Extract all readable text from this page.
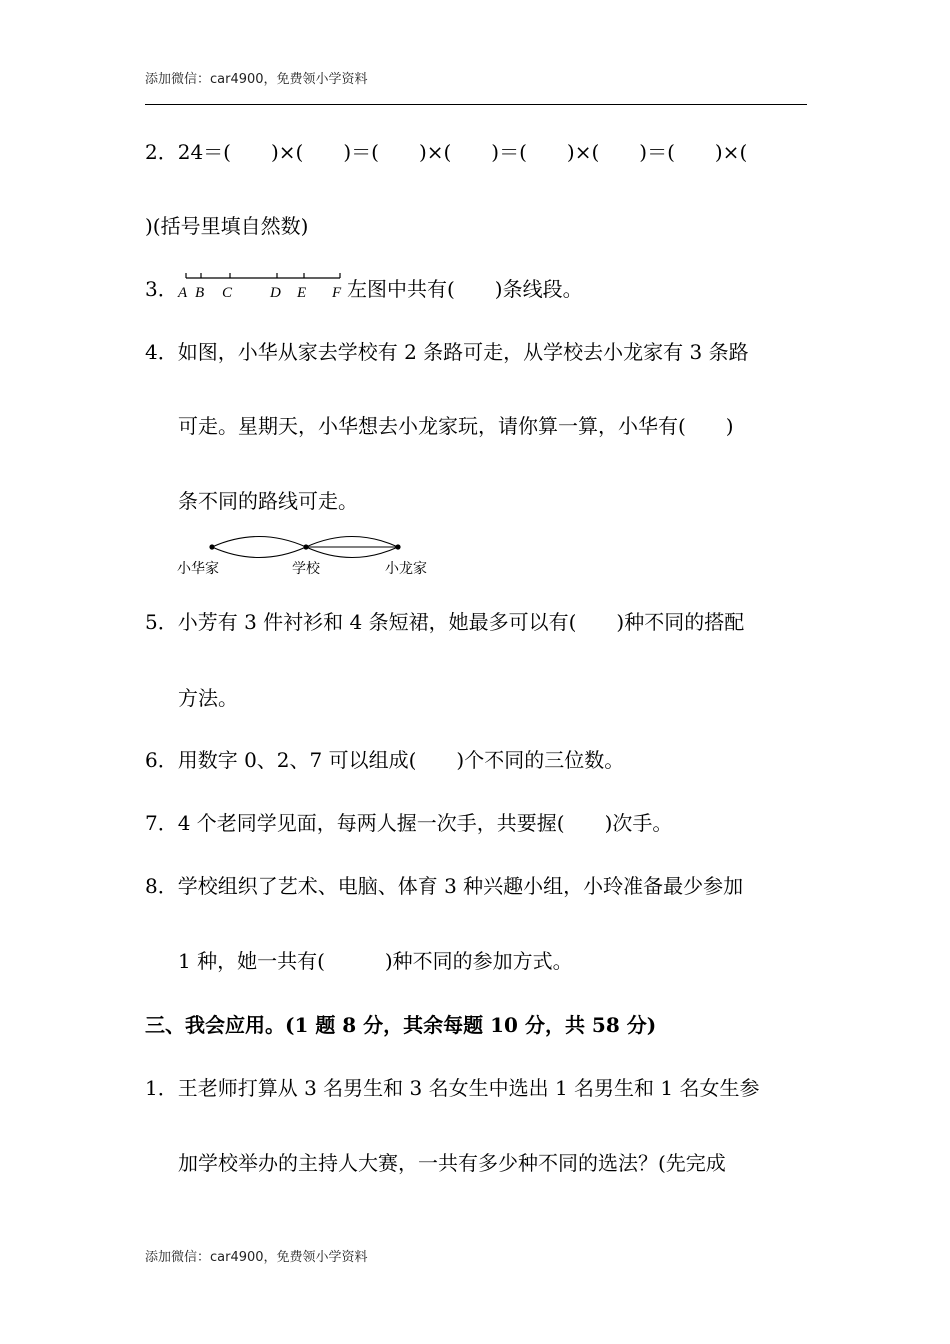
添加微信：car4900，免费领小学资料
2．24＝(　　)×(　　)＝(　　)×(　　)＝(　　)×(　　)＝(　　)×(
)(括号里填自然数)
3． A B C	D E F 左图中共有(　　)条线段。
4．如图，小华从家去学校有 2 条路可走，从学校去小龙家有 3 条路
可走。星期天，小华想去小龙家玩，请你算一算，小华有(　　)
条不同的路线可走。
小华家	学校	小龙家
5．小芳有 3 件衬衫和 4 条短裙，她最多可以有(　　)种不同的搭配
方法。
6．用数字 0、2、7 可以组成(　　)个不同的三位数。
7．4 个老同学见面，每两人握一次手，共要握(　　)次手。
8．学校组织了艺术、电脑、体育 3 种兴趣小组，小玲准备最少参加
1 种，她一共有(　　　)种不同的参加方式。
三、我会应用。(1 题 8 分，其余每题 10 分，共 58 分)
1．王老师打算从 3 名男生和 3 名女生中选出 1 名男生和 1 名女生参
加学校举办的主持人大赛，一共有多少种不同的选法？(先完成
添加微信：car4900，免费领小学资料
